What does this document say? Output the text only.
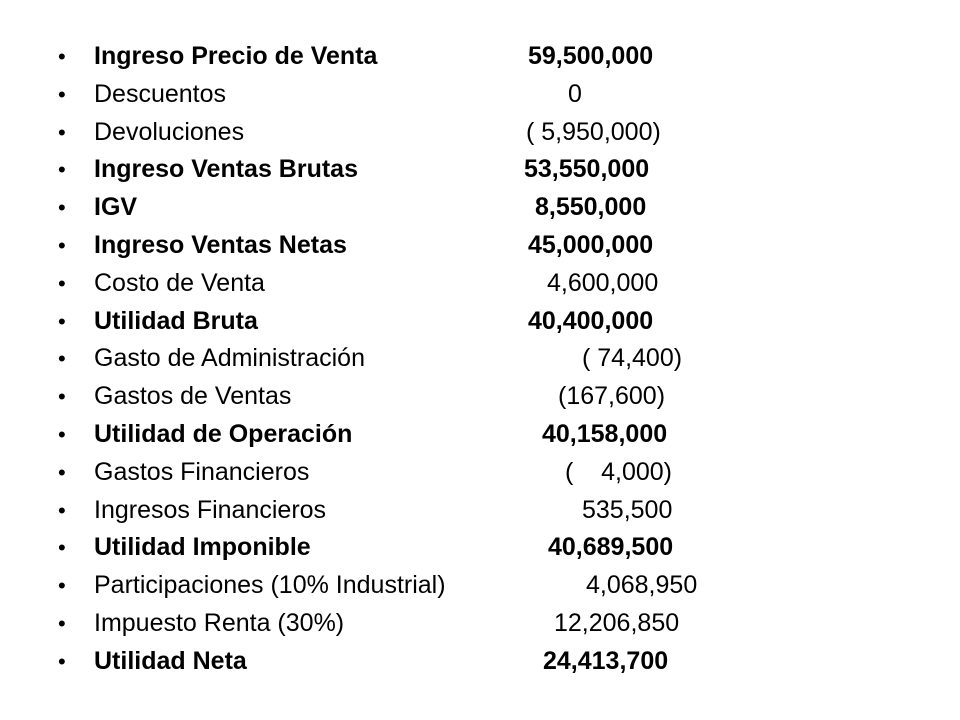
•	Ingreso Precio de Venta	59,500,000
•	Descuentos	0
•	Devoluciones	( 5,950,000)
•	Ingreso Ventas Brutas	53,550,000
•	IGV	8,550,000
•	Ingreso Ventas Netas	45,000,000
•	Costo de Venta	4,600,000
•	Utilidad Bruta	40,400,000
•	Gasto de Administración	( 74,400)
•	Gastos de Ventas	(167,600)
•	Utilidad de Operación	40,158,000
•	Gastos Financieros	(    4,000)
•	Ingresos Financieros	535,500
•	Utilidad Imponible	40,689,500
•	Participaciones (10% Industrial)	4,068,950
•	Impuesto Renta (30%)	12,206,850
•	Utilidad Neta	24,413,700
